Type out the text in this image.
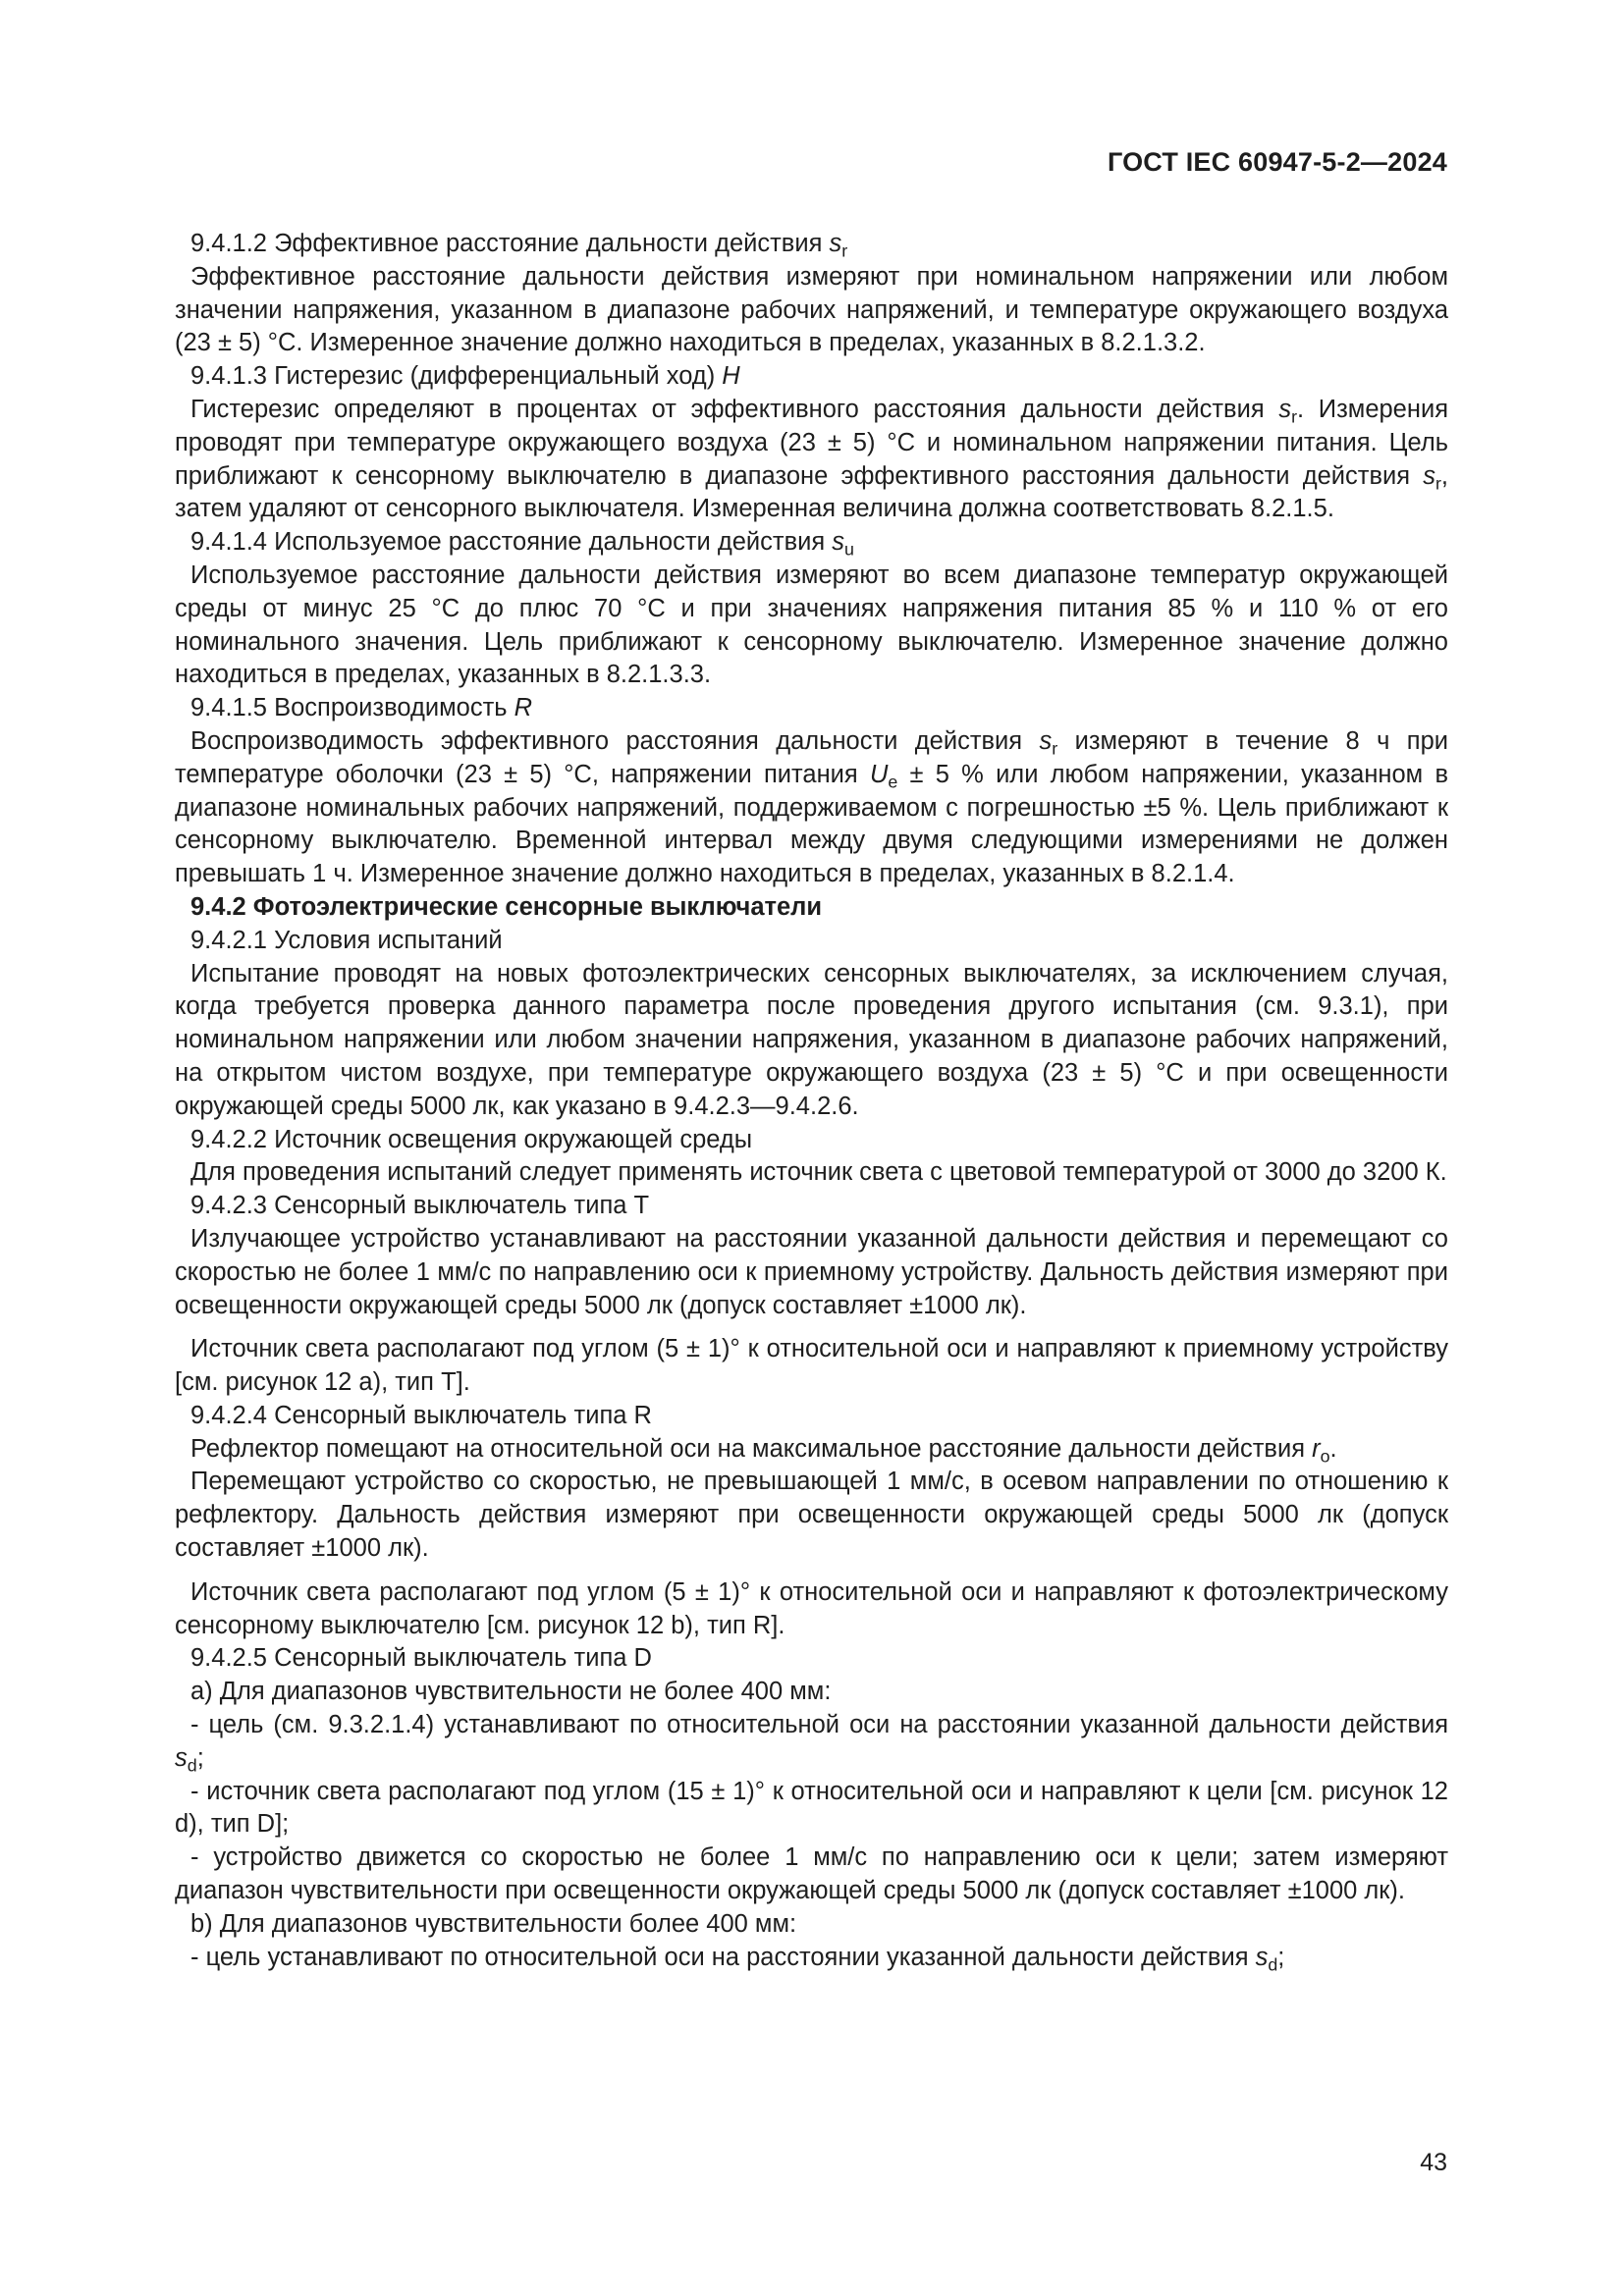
ГОСТ IEC 60947-5-2—2024

9.4.1.2 Эффективное расстояние дальности действия $s_r$

Эффективное расстояние дальности действия измеряют при номинальном напряжении или любом значении напряжения, указанном в диапазоне рабочих напряжений, и температуре окружающего воздуха (23 ± 5) °С. Измеренное значение должно находиться в пределах, указанных в 8.2.1.3.2.

9.4.1.3 Гистерезис (дифференциальный ход) H

Гистерезис определяют в процентах от эффективного расстояния дальности действия $s_r$. Измерения проводят при температуре окружающего воздуха (23 ± 5) °С и номинальном напряжении питания. Цель приближают к сенсорному выключателю в диапазоне эффективного расстояния дальности действия $s_r$, затем удаляют от сенсорного выключателя. Измеренная величина должна соответствовать 8.2.1.5.

9.4.1.4 Используемое расстояние дальности действия $s_u$

Используемое расстояние дальности действия измеряют во всем диапазоне температур окружающей среды от минус 25 °С до плюс 70 °С и при значениях напряжения питания 85 % и 110 % от его номинального значения. Цель приближают к сенсорному выключателю. Измеренное значение должно находиться в пределах, указанных в 8.2.1.3.3.

9.4.1.5 Воспроизводимость R

Воспроизводимость эффективного расстояния дальности действия $s_r$ измеряют в течение 8 ч при температуре оболочки (23 ± 5) °С, напряжении питания $U_e \pm 5$ % или любом напряжении, указанном в диапазоне номинальных рабочих напряжений, поддерживаемом с погрешностью ±5 %. Цель приближают к сенсорному выключателю. Временной интервал между двумя следующими измерениями не должен превышать 1 ч. Измеренное значение должно находиться в пределах, указанных в 8.2.1.4.

9.4.2 Фотоэлектрические сенсорные выключатели

9.4.2.1 Условия испытаний

Испытание проводят на новых фотоэлектрических сенсорных выключателях, за исключением случая, когда требуется проверка данного параметра после проведения другого испытания (см. 9.3.1), при номинальном напряжении или любом значении напряжения, указанном в диапазоне рабочих напряжений, на открытом чистом воздухе, при температуре окружающего воздуха (23 ± 5) °С и при освещенности окружающей среды 5000 лк, как указано в 9.4.2.3—9.4.2.6.

9.4.2.2 Источник освещения окружающей среды

Для проведения испытаний следует применять источник света с цветовой температурой от 3000 до 3200 К.

9.4.2.3 Сенсорный выключатель типа Т

Излучающее устройство устанавливают на расстоянии указанной дальности действия и перемещают со скоростью не более 1 мм/с по направлению оси к приемному устройству. Дальность действия измеряют при освещенности окружающей среды 5000 лк (допуск составляет ±1000 лк).

Источник света располагают под углом (5 ± 1)° к относительной оси и направляют к приемному устройству [см. рисунок 12 а), тип Т].

9.4.2.4 Сенсорный выключатель типа R

Рефлектор помещают на относительной оси на максимальное расстояние дальности действия $r_o$.

Перемещают устройство со скоростью, не превышающей 1 мм/с, в осевом направлении по отношению к рефлектору. Дальность действия измеряют при освещенности окружающей среды 5000 лк (допуск составляет ±1000 лк).

Источник света располагают под углом (5 ± 1)° к относительной оси и направляют к фотоэлектрическому сенсорному выключателю [см. рисунок 12 b), тип R].

9.4.2.5 Сенсорный выключатель типа D

а) Для диапазонов чувствительности не более 400 мм:

- цель (см. 9.3.2.1.4) устанавливают по относительной оси на расстоянии указанной дальности действия $s_d$;

- источник света располагают под углом (15 ± 1)° к относительной оси и направляют к цели [см. рисунок 12 d), тип D];

- устройство движется со скоростью не более 1 мм/с по направлению оси к цели; затем измеряют диапазон чувствительности при освещенности окружающей среды 5000 лк (допуск составляет ±1000 лк).

b) Для диапазонов чувствительности более 400 мм:

- цель устанавливают по относительной оси на расстоянии указанной дальности действия $s_d$;

43
